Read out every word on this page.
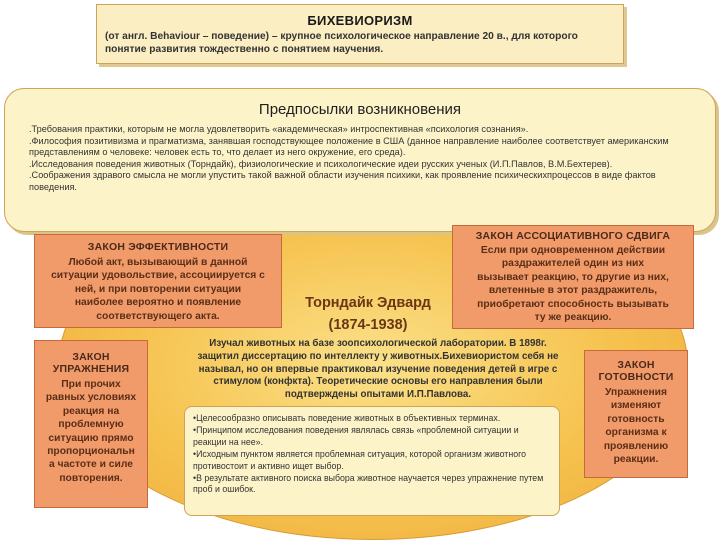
БИХЕВИОРИЗМ
(от англ. Behaviour – поведение) – крупное психологическое направление 20 в., для которого понятие развития тождественно с понятием научения.
Предпосылки возникновения
.Требования практики, которым не могла удовлетворить «академическая» интроспективная «психология сознания».
.Философия позитивизма и прагматизма, занявшая господствующее положение в США (данное направление наиболее соответствует американским представлениям о человеке: человек есть то, что делает из него окружение, его среда).
.Исследования поведения животных (Торндайк), физиологические и психологические идеи русских ученых (И.П.Павлов, В.М.Бехтерев).
.Соображения здравого смысла не могли упустить такой важной области изучения психики, как проявление психическихпроцессов в виде фактов поведения.
ЗАКОН ЭФФЕКТИВНОСТИ
Любой акт, вызывающий в данной
ситуации удовольствие, ассоциируется с
ней, и при повторении ситуации
наиболее вероятно и появление
соответствующего акта.
ЗАКОН АССОЦИАТИВНОГО СДВИГА
Если при одновременном действии
раздражителей один из них
вызывает реакцию, то другие из них,
влетенные в этот раздражитель,
приобретают способность вызывать
ту же реакцию.
Торндайк Эдвард
(1874-1938)
ЗАКОН
УПРАЖНЕНИЯ
При прочих
равных условиях
реакция на
проблемную
ситуацию прямо
пропорциональн
а частоте и силе
повторения.
ЗАКОН
ГОТОВНОСТИ
Упражнения
изменяют
готовность
организма к
проявлению
реакции.
Изучал животных на базе зоопсихологической лаборатории. В 1898г.
защитил диссертацию по интеллекту у животных.Бихевиористом себя не
называл, но он впервые практиковал изучение поведения детей в игре с
стимулом (конфкта). Теоретические основы его направления были
подтверждены опытами И.П.Павлова.
•Целесообразно описывать поведение животных в объективных терминах.
•Принципом исследования поведения являлась связь «проблемной ситуации и реакции на нее».
•Исходным пунктом является проблемная ситуация, которой организм животного противостоит и активно ищет выбор.
•В результате активного поиска выбора животное научается через упражнение путем проб и ошибок.
